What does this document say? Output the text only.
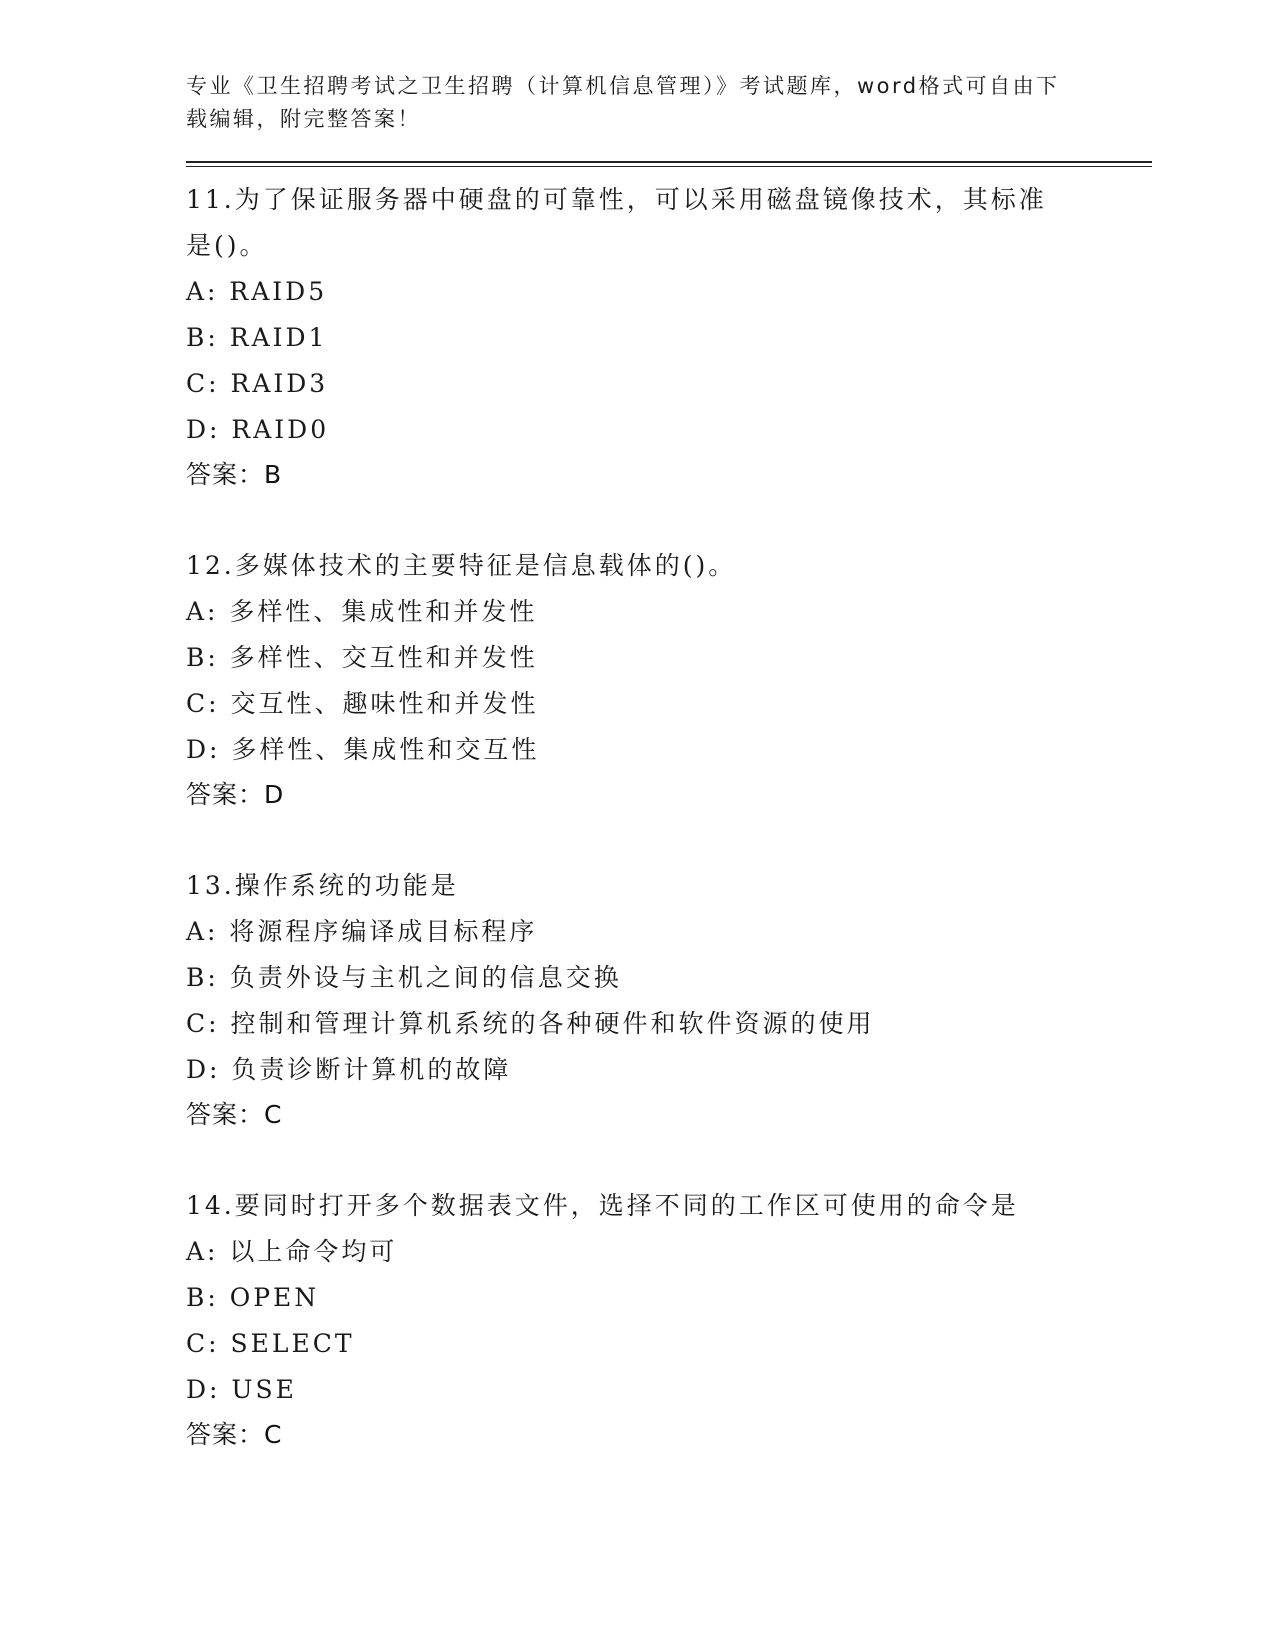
专业《卫生招聘考试之卫生招聘（计算机信息管理）》考试题库，word格式可自由下载编辑，附完整答案！
11.为了保证服务器中硬盘的可靠性，可以采用磁盘镜像技术，其标准是()。
A: RAID5
B: RAID1
C: RAID3
D: RAID0
答案：B
12.多媒体技术的主要特征是信息载体的()。
A: 多样性、集成性和并发性
B: 多样性、交互性和并发性
C: 交互性、趣味性和并发性
D: 多样性、集成性和交互性
答案：D
13.操作系统的功能是
A: 将源程序编译成目标程序
B: 负责外设与主机之间的信息交换
C: 控制和管理计算机系统的各种硬件和软件资源的使用
D: 负责诊断计算机的故障
答案：C
14.要同时打开多个数据表文件，选择不同的工作区可使用的命令是
A: 以上命令均可
B: OPEN
C: SELECT
D: USE
答案：C
